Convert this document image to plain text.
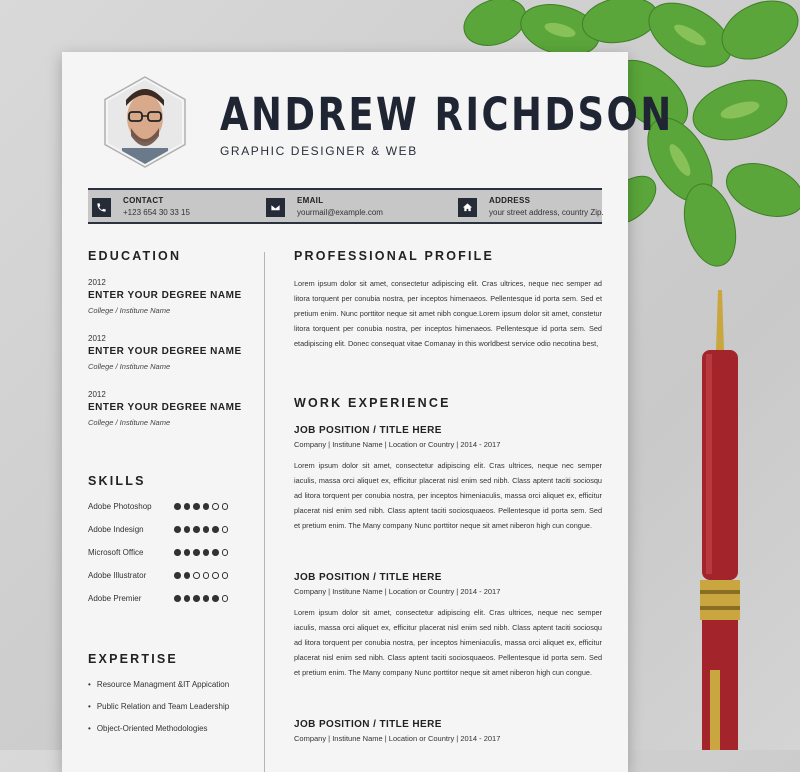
ANDREW RICHDSON
GRAPHIC DESIGNER & WEB
CONTACT
+123 654 30 33 15
EMAIL
yourmail@example.com
ADDRESS
your street address, country Zip.
EDUCATION
2012
ENTER YOUR DEGREE NAME
College / Institune Name
2012
ENTER YOUR DEGREE NAME
College / Institune Name
2012
ENTER YOUR DEGREE NAME
College / Institune Name
SKILLS
Adobe Photoshop
Adobe Indesign
Microsoft Office
Adobe Illustrator
Adobe Premier
EXPERTISE
• Resource Managment &IT Appication
• Public Relation and Team Leadership
• Object-Oriented Methodologies
PROFESSIONAL PROFILE
Lorem ipsum dolor sit amet, consectetur adipiscing elit. Cras ultrices, neque nec semper ad litora torquent per conubia nostra, per inceptos himenaeos. Pellentesque id porta sem. Sed et pretium enim. Nunc porttitor neque sit amet nibh congue.Lorem ipsum dolor sit amet, constetur litora torquent per conubia nostra, per inceptos himenaeos. Pellentesque id porta sem. Sed etadipiscing elit. Donec consequat vitae Comanay in this worldbest service odio necotina best,
WORK EXPERIENCE
JOB POSITION / TITLE HERE
Company | Institune Name | Location or Country | 2014 - 2017
Lorem ipsum dolor sit amet, consectetur adipiscing elit. Cras ultrices, neque nec semper iaculis, massa orci aliquet ex, efficitur placerat nisl enim sed nibh. Class aptent taciti sociosqu ad litora torquent per conubia nostra, per inceptos himeniaculis, massa orci aliquet ex, efficitur placerat nisl enim sed nibh. Class aptent taciti sociosquaeos. Pellentesque id porta sem. Sed et pretium enim. The Many company Nunc porttitor neque sit amet niberon high cun congue.
JOB POSITION / TITLE HERE
Company | Institune Name | Location or Country | 2014 - 2017
Lorem ipsum dolor sit amet, consectetur adipiscing elit. Cras ultrices, neque nec semper iaculis, massa orci aliquet ex, efficitur placerat nisl enim sed nibh. Class aptent taciti sociosqu ad litora torquent per conubia nostra, per inceptos himeniaculis, massa orci aliquet ex, efficitur placerat nisl enim sed nibh. Class aptent taciti sociosquaeos. Pellentesque id porta sem. Sed et pretium enim. The Many company Nunc porttitor neque sit amet niberon high cun congue.
JOB POSITION / TITLE HERE
Company | Institune Name | Location or Country | 2014 - 2017
